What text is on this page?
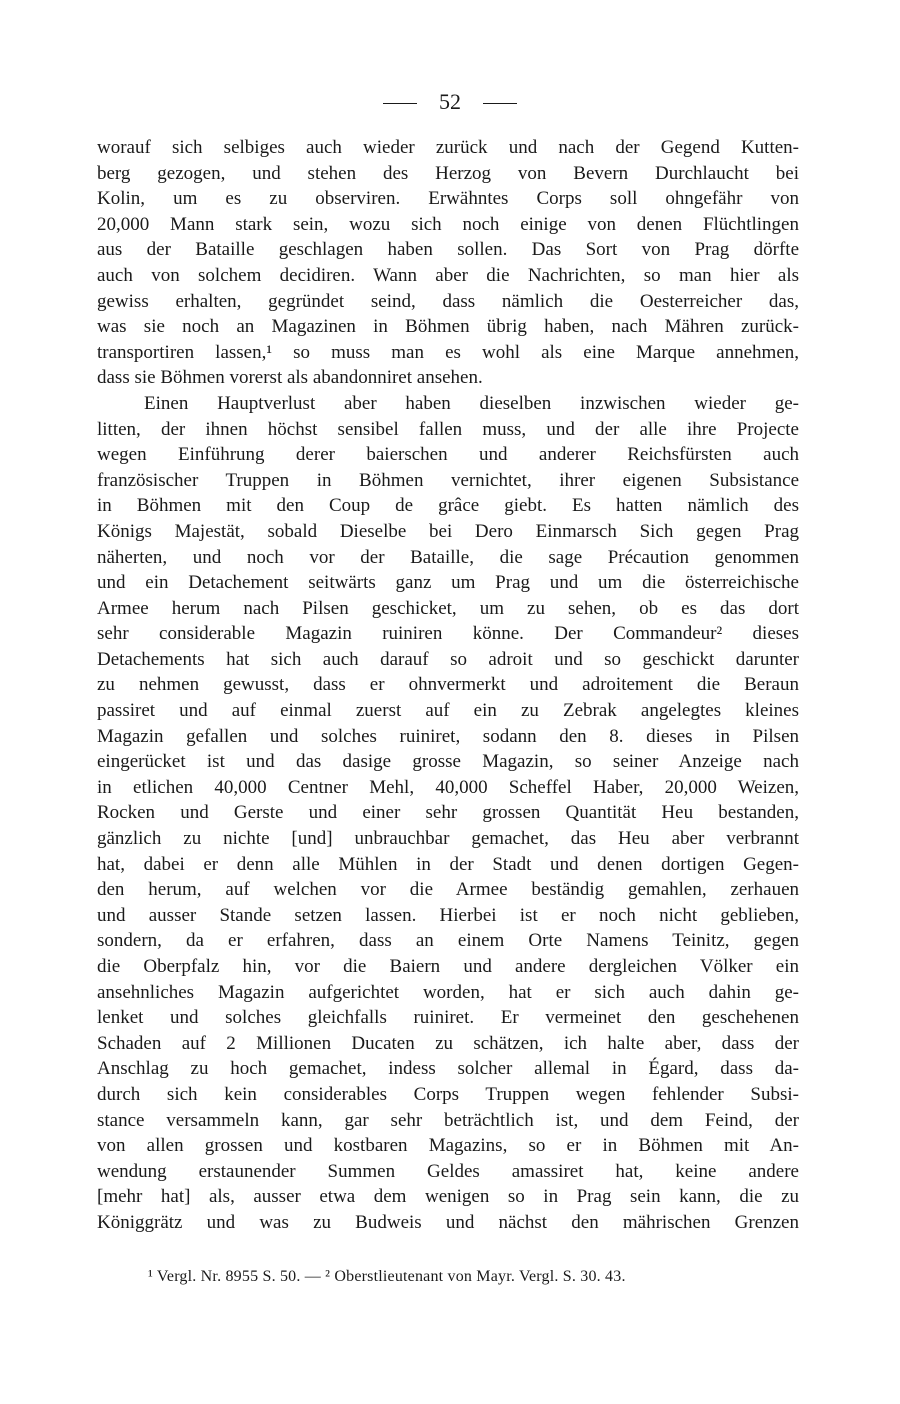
52
worauf sich selbiges auch wieder zurück und nach der Gegend Kutten-
berg gezogen, und stehen des Herzog von Bevern Durchlaucht bei
Kolin, um es zu observiren. Erwähntes Corps soll ohngefähr von
20,000 Mann stark sein, wozu sich noch einige von denen Flüchtlingen
aus der Bataille geschlagen haben sollen. Das Sort von Prag dörfte
auch von solchem decidiren. Wann aber die Nachrichten, so man hier als
gewiss erhalten, gegründet seind, dass nämlich die Oesterreicher das,
was sie noch an Magazinen in Böhmen übrig haben, nach Mähren zurück-
transportiren lassen,¹ so muss man es wohl als eine Marque annehmen,
dass sie Böhmen vorerst als abandonniret ansehen.
Einen Hauptverlust aber haben dieselben inzwischen wieder ge-
litten, der ihnen höchst sensibel fallen muss, und der alle ihre Projecte
wegen Einführung derer baierschen und anderer Reichsfürsten auch
französischer Truppen in Böhmen vernichtet, ihrer eigenen Subsistance
in Böhmen mit den Coup de grâce giebt. Es hatten nämlich des
Königs Majestät, sobald Dieselbe bei Dero Einmarsch Sich gegen Prag
näherten, und noch vor der Bataille, die sage Précaution genommen
und ein Detachement seitwärts ganz um Prag und um die österreichische
Armee herum nach Pilsen geschicket, um zu sehen, ob es das dort
sehr considerable Magazin ruiniren könne. Der Commandeur² dieses
Detachements hat sich auch darauf so adroit und so geschickt darunter
zu nehmen gewusst, dass er ohnvermerkt und adroitement die Beraun
passiret und auf einmal zuerst auf ein zu Zebrak angelegtes kleines
Magazin gefallen und solches ruiniret, sodann den 8. dieses in Pilsen
eingerücket ist und das dasige grosse Magazin, so seiner Anzeige nach
in etlichen 40,000 Centner Mehl, 40,000 Scheffel Haber, 20,000 Weizen,
Rocken und Gerste und einer sehr grossen Quantität Heu bestanden,
gänzlich zu nichte [und] unbrauchbar gemachet, das Heu aber verbrannt
hat, dabei er denn alle Mühlen in der Stadt und denen dortigen Gegen-
den herum, auf welchen vor die Armee beständig gemahlen, zerhauen
und ausser Stande setzen lassen. Hierbei ist er noch nicht geblieben,
sondern, da er erfahren, dass an einem Orte Namens Teinitz, gegen
die Oberpfalz hin, vor die Baiern und andere dergleichen Völker ein
ansehnliches Magazin aufgerichtet worden, hat er sich auch dahin ge-
lenket und solches gleichfalls ruiniret. Er vermeinet den geschehenen
Schaden auf 2 Millionen Ducaten zu schätzen, ich halte aber, dass der
Anschlag zu hoch gemachet, indess solcher allemal in Égard, dass da-
durch sich kein considerables Corps Truppen wegen fehlender Subsi-
stance versammeln kann, gar sehr beträchtlich ist, und dem Feind, der
von allen grossen und kostbaren Magazins, so er in Böhmen mit An-
wendung erstaunender Summen Geldes amassiret hat, keine andere
[mehr hat] als, ausser etwa dem wenigen so in Prag sein kann, die zu
Königgrätz und was zu Budweis und nächst den mährischen Grenzen
¹ Vergl. Nr. 8955 S. 50. — ² Oberstlieutenant von Mayr. Vergl. S. 30. 43.
